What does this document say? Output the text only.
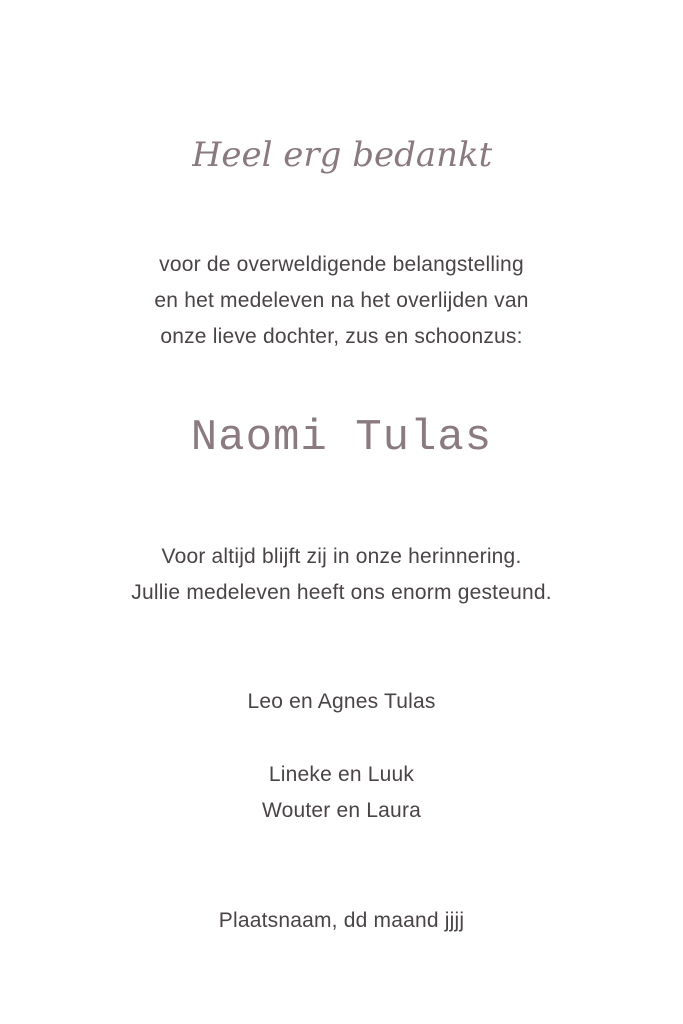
Heel erg bedankt
voor de overweldigende belangstelling
en het medeleven na het overlijden van
onze lieve dochter, zus en schoonzus:
Naomi Tulas
Voor altijd blijft zij in onze herinnering.
Jullie medeleven heeft ons enorm gesteund.
Leo en Agnes Tulas
Lineke en Luuk
Wouter en Laura
Plaatsnaam, dd maand jjjj
